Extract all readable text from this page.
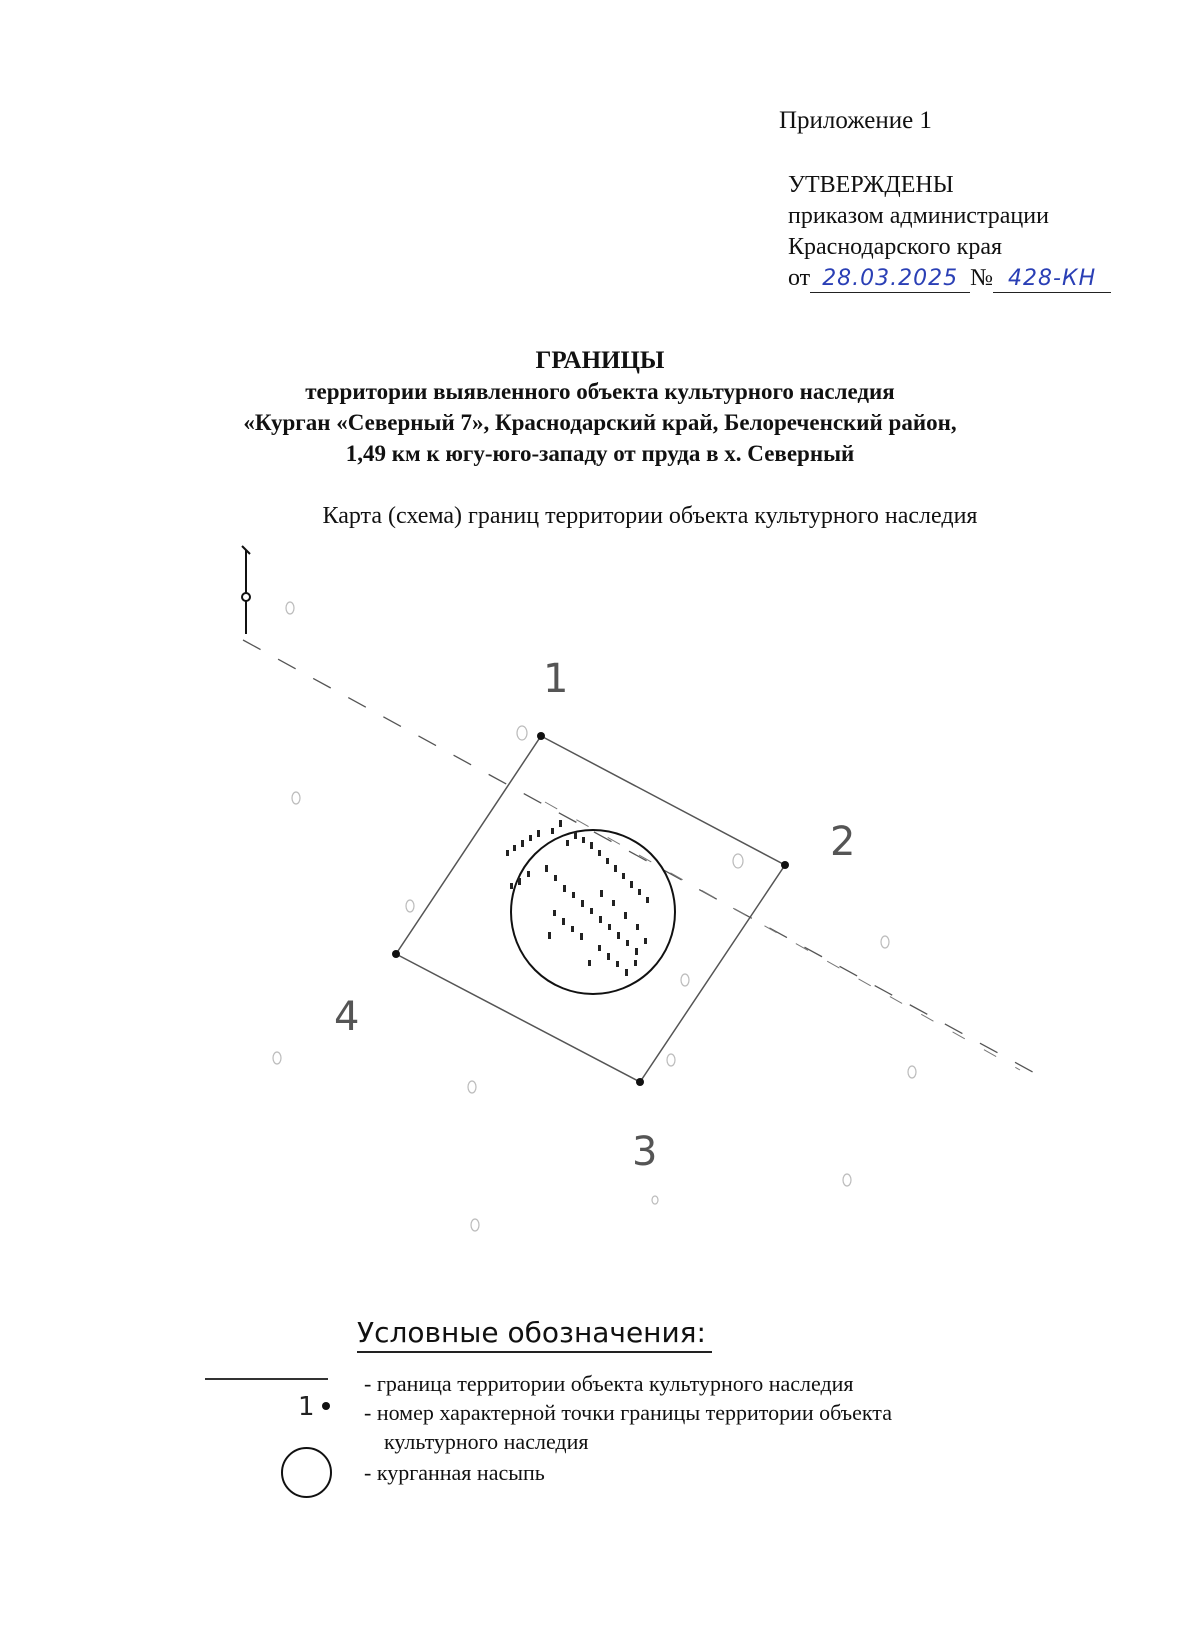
Приложение 1
УТВЕРЖДЕНЫ
приказом администрации
Краснодарского края
от 28.03.2025 № 428-КН
ГРАНИЦЫ
территории выявленного объекта культурного наследия
«Курган «Северный 7», Краснодарский край, Белореченский район,
1,49 км к югу-юго-западу от пруда в х. Северный
Карта (схема) границ территории объекта культурного наследия
1
2
3
4
Условные обозначения:
- граница территории объекта культурного наследия
1 - номер характерной точки границы территории объекта
культурного наследия
- курганная насыпь
